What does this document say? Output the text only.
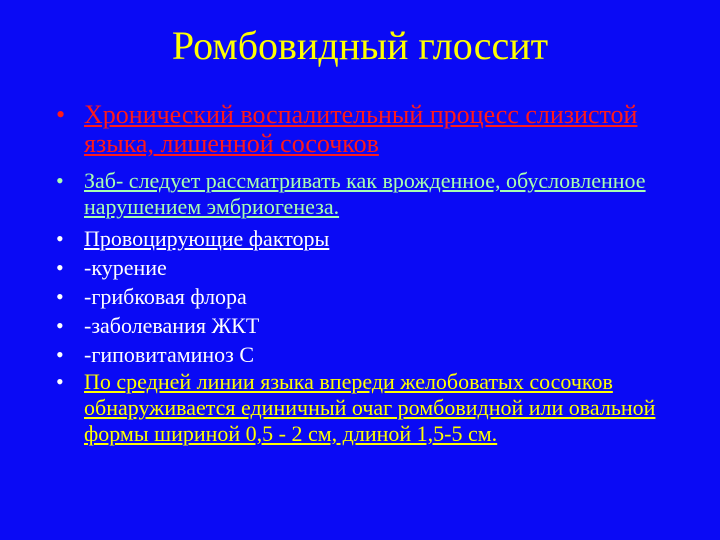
Ромбовидный глоссит
• Хронический воспалительный процесс слизистой языка, лишенной сосочков
• Заб- следует рассматривать как врожденное, обусловленное нарушением эмбриогенеза.
• Провоцирующие факторы
• -курение
• -грибковая флора
• -заболевания ЖКТ
• -гиповитаминоз С
• По средней линии языка впереди желобоватых сосочков обнаруживается единичный очаг ромбовидной или овальной формы шириной 0,5 - 2 см, длиной 1,5-5 см.
